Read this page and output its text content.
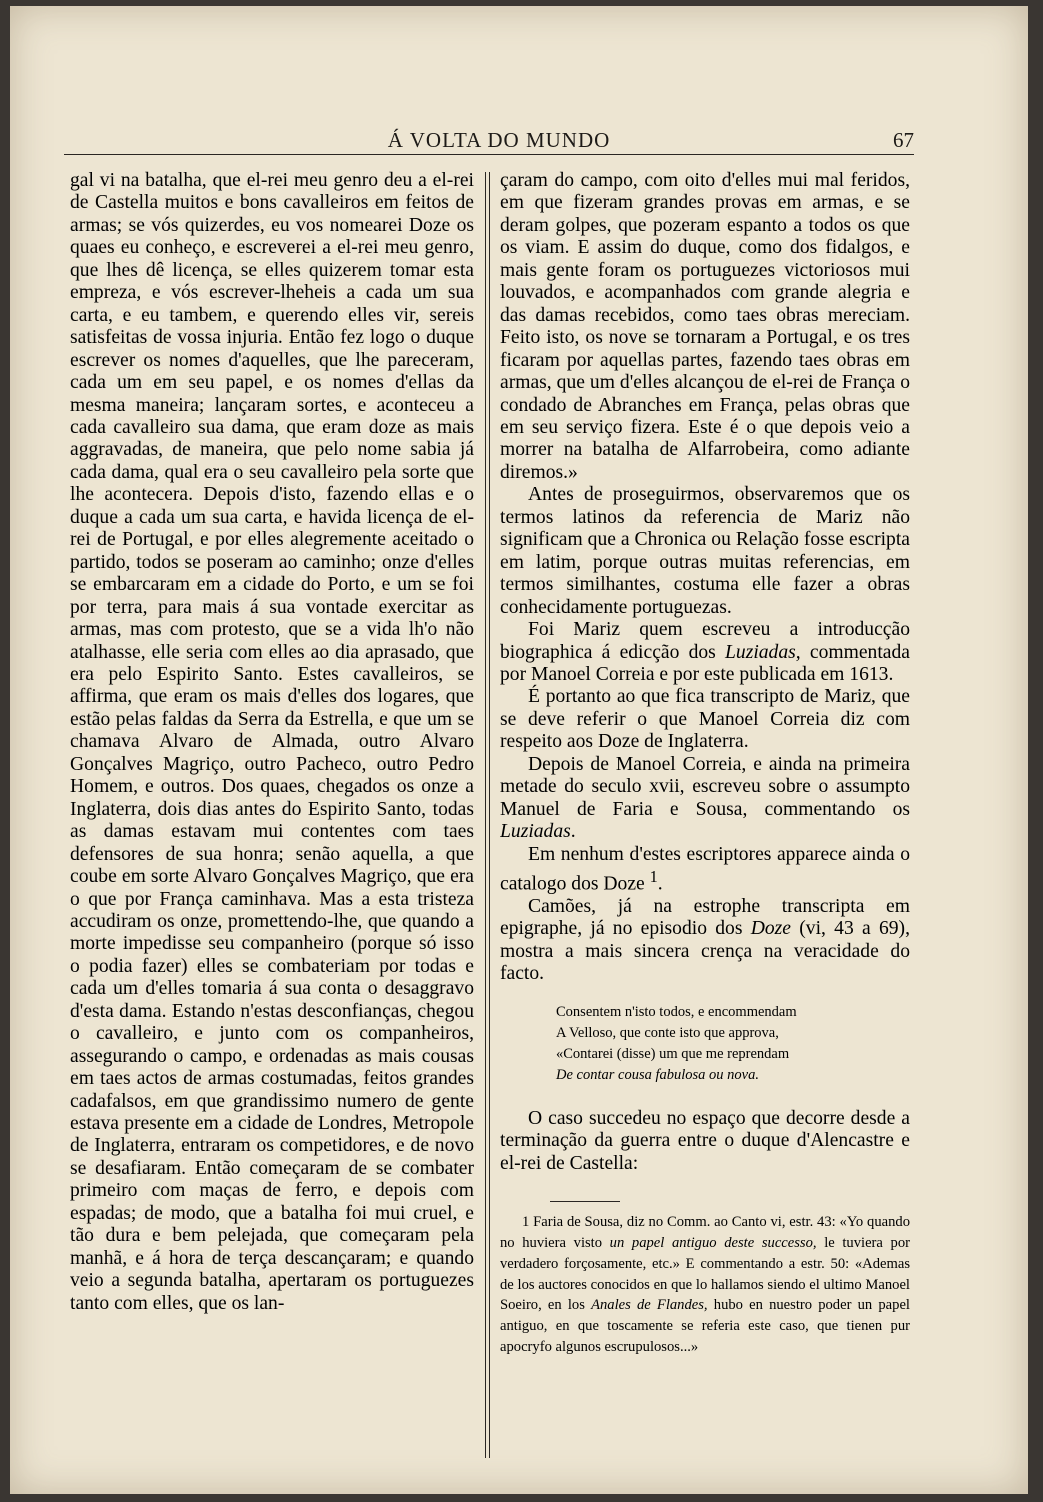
Á VOLTA DO MUNDO	67

gal vi na batalha, que el-rei meu genro deu a el-rei de Castella muitos e bons cavalleiros em feitos de armas; se vós quizerdes, eu vos nomearei Doze os quaes eu conheço, e escreverei a el-rei meu genro, que lhes dê licença, se elles quizerem tomar esta empreza, e vós escrever-lheheis a cada um sua carta, e eu tambem, e querendo elles vir, sereis satisfeitas de vossa injuria. Então fez logo o duque escrever os nomes d'aquelles, que lhe pareceram, cada um em seu papel, e os nomes d'ellas da mesma maneira; lançaram sortes, e aconteceu a cada cavalleiro sua dama, que eram doze as mais aggravadas, de maneira, que pelo nome sabia já cada dama, qual era o seu cavalleiro pela sorte que lhe acontecera. Depois d'isto, fazendo ellas e o duque a cada um sua carta, e havida licença de el-rei de Portugal, e por elles alegremente aceitado o partido, todos se poseram ao caminho; onze d'elles se embarcaram em a cidade do Porto, e um se foi por terra, para mais á sua vontade exercitar as armas, mas com protesto, que se a vida lh'o não atalhasse, elle seria com elles ao dia aprasado, que era pelo Espirito Santo. Estes cavalleiros, se affirma, que eram os mais d'elles dos logares, que estão pelas faldas da Serra da Estrella, e que um se chamava Alvaro de Almada, outro Alvaro Gonçalves Magriço, outro Pacheco, outro Pedro Homem, e outros. Dos quaes, chegados os onze a Inglaterra, dois dias antes do Espirito Santo, todas as damas estavam mui contentes com taes defensores de sua honra; senão aquella, a que coube em sorte Alvaro Gonçalves Magriço, que era o que por França caminhava. Mas a esta tristeza accudiram os onze, promettendo-lhe, que quando a morte impedisse seu companheiro (porque só isso o podia fazer) elles se combateriam por todas e cada um d'elles tomaria á sua conta o desaggravo d'esta dama. Estando n'estas desconfianças, chegou o cavalleiro, e junto com os companheiros, assegurando o campo, e ordenadas as mais cousas em taes actos de armas costumadas, feitos grandes cadafalsos, em que grandissimo numero de gente estava presente em a cidade de Londres, Metropole de Inglaterra, entraram os competidores, e de novo se desafiaram. Então começaram de se combater primeiro com maças de ferro, e depois com espadas; de modo, que a batalha foi mui cruel, e tão dura e bem pelejada, que começaram pela manhã, e á hora de terça descançaram; e quando veio a segunda batalha, apertaram os portuguezes tanto com elles, que os lan-

çaram do campo, com oito d'elles mui mal feridos, em que fizeram grandes provas em armas, e se deram golpes, que pozeram espanto a todos os que os viam. E assim do duque, como dos fidalgos, e mais gente foram os portuguezes victoriosos mui louvados, e acompanhados com grande alegria e das damas recebidos, como taes obras mereciam. Feito isto, os nove se tornaram a Portugal, e os tres ficaram por aquellas partes, fazendo taes obras em armas, que um d'elles alcançou de el-rei de França o condado de Abranches em França, pelas obras que em seu serviço fizera. Este é o que depois veio a morrer na batalha de Alfarrobeira, como adiante diremos.»

Antes de proseguirmos, observaremos que os termos latinos da referencia de Mariz não significam que a Chronica ou Relação fosse escripta em latim, porque outras muitas referencias, em termos similhantes, costuma elle fazer a obras conhecidamente portuguezas.

Foi Mariz quem escreveu a introducção biographica á edicção dos Luziadas, commentada por Manoel Correia e por este publicada em 1613.

É portanto ao que fica transcripto de Mariz, que se deve referir o que Manoel Correia diz com respeito aos Doze de Inglaterra.

Depois de Manoel Correia, e ainda na primeira metade do seculo xvii, escreveu sobre o assumpto Manuel de Faria e Sousa, commentando os Luziadas.

Em nenhum d'estes escriptores apparece ainda o catalogo dos Doze $^1$.

Camões, já na estrophe transcripta em epigraphe, já no episodio dos Doze (vi, 43 a 69), mostra a mais sincera crença na veracidade do facto.

Consentem n'isto todos, e encommendam
A Velloso, que conte isto que approva,
«Contarei (disse) um que me reprendam
De contar cousa fabulosa ou nova.

O caso succedeu no espaço que decorre desde a terminação da guerra entre o duque d'Alencastre e el-rei de Castella:

1 Faria de Sousa, diz no Comm. ao Canto vi, estr. 43: «Yo quando no huviera visto un papel antiguo deste successo, le tuviera por verdadero forçosamente, etc.» E commentando a estr. 50: «Ademas de los auctores conocidos en que lo hallamos siendo el ultimo Manoel Soeiro, en los Anales de Flandes, hubo en nuestro poder un papel antiguo, en que toscamente se referia este caso, que tienen pur apocryfo algunos escrupulosos...»
